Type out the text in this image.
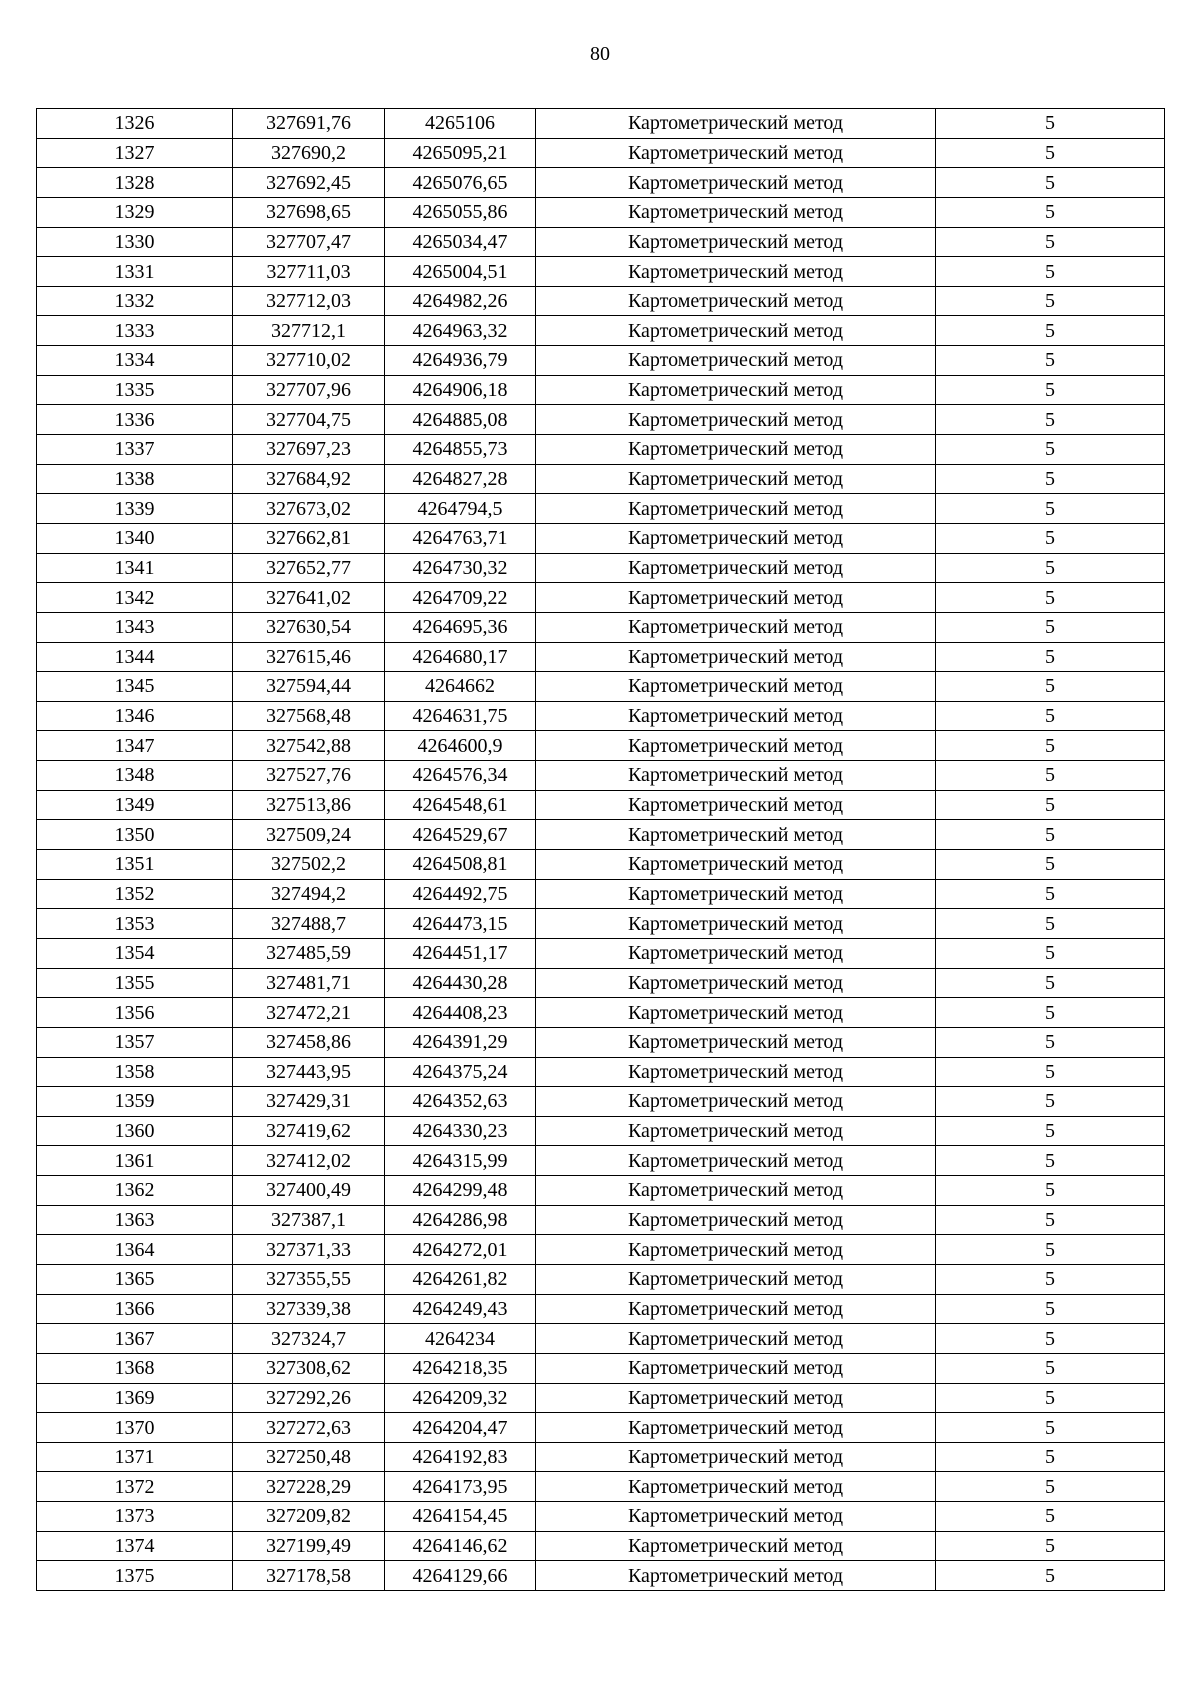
80
1326	327691,76	4265106	Картометрический метод	5
1327	327690,2	4265095,21	Картометрический метод	5
1328	327692,45	4265076,65	Картометрический метод	5
1329	327698,65	4265055,86	Картометрический метод	5
1330	327707,47	4265034,47	Картометрический метод	5
1331	327711,03	4265004,51	Картометрический метод	5
1332	327712,03	4264982,26	Картометрический метод	5
1333	327712,1	4264963,32	Картометрический метод	5
1334	327710,02	4264936,79	Картометрический метод	5
1335	327707,96	4264906,18	Картометрический метод	5
1336	327704,75	4264885,08	Картометрический метод	5
1337	327697,23	4264855,73	Картометрический метод	5
1338	327684,92	4264827,28	Картометрический метод	5
1339	327673,02	4264794,5	Картометрический метод	5
1340	327662,81	4264763,71	Картометрический метод	5
1341	327652,77	4264730,32	Картометрический метод	5
1342	327641,02	4264709,22	Картометрический метод	5
1343	327630,54	4264695,36	Картометрический метод	5
1344	327615,46	4264680,17	Картометрический метод	5
1345	327594,44	4264662	Картометрический метод	5
1346	327568,48	4264631,75	Картометрический метод	5
1347	327542,88	4264600,9	Картометрический метод	5
1348	327527,76	4264576,34	Картометрический метод	5
1349	327513,86	4264548,61	Картометрический метод	5
1350	327509,24	4264529,67	Картометрический метод	5
1351	327502,2	4264508,81	Картометрический метод	5
1352	327494,2	4264492,75	Картометрический метод	5
1353	327488,7	4264473,15	Картометрический метод	5
1354	327485,59	4264451,17	Картометрический метод	5
1355	327481,71	4264430,28	Картометрический метод	5
1356	327472,21	4264408,23	Картометрический метод	5
1357	327458,86	4264391,29	Картометрический метод	5
1358	327443,95	4264375,24	Картометрический метод	5
1359	327429,31	4264352,63	Картометрический метод	5
1360	327419,62	4264330,23	Картометрический метод	5
1361	327412,02	4264315,99	Картометрический метод	5
1362	327400,49	4264299,48	Картометрический метод	5
1363	327387,1	4264286,98	Картометрический метод	5
1364	327371,33	4264272,01	Картометрический метод	5
1365	327355,55	4264261,82	Картометрический метод	5
1366	327339,38	4264249,43	Картометрический метод	5
1367	327324,7	4264234	Картометрический метод	5
1368	327308,62	4264218,35	Картометрический метод	5
1369	327292,26	4264209,32	Картометрический метод	5
1370	327272,63	4264204,47	Картометрический метод	5
1371	327250,48	4264192,83	Картометрический метод	5
1372	327228,29	4264173,95	Картометрический метод	5
1373	327209,82	4264154,45	Картометрический метод	5
1374	327199,49	4264146,62	Картометрический метод	5
1375	327178,58	4264129,66	Картометрический метод	5
